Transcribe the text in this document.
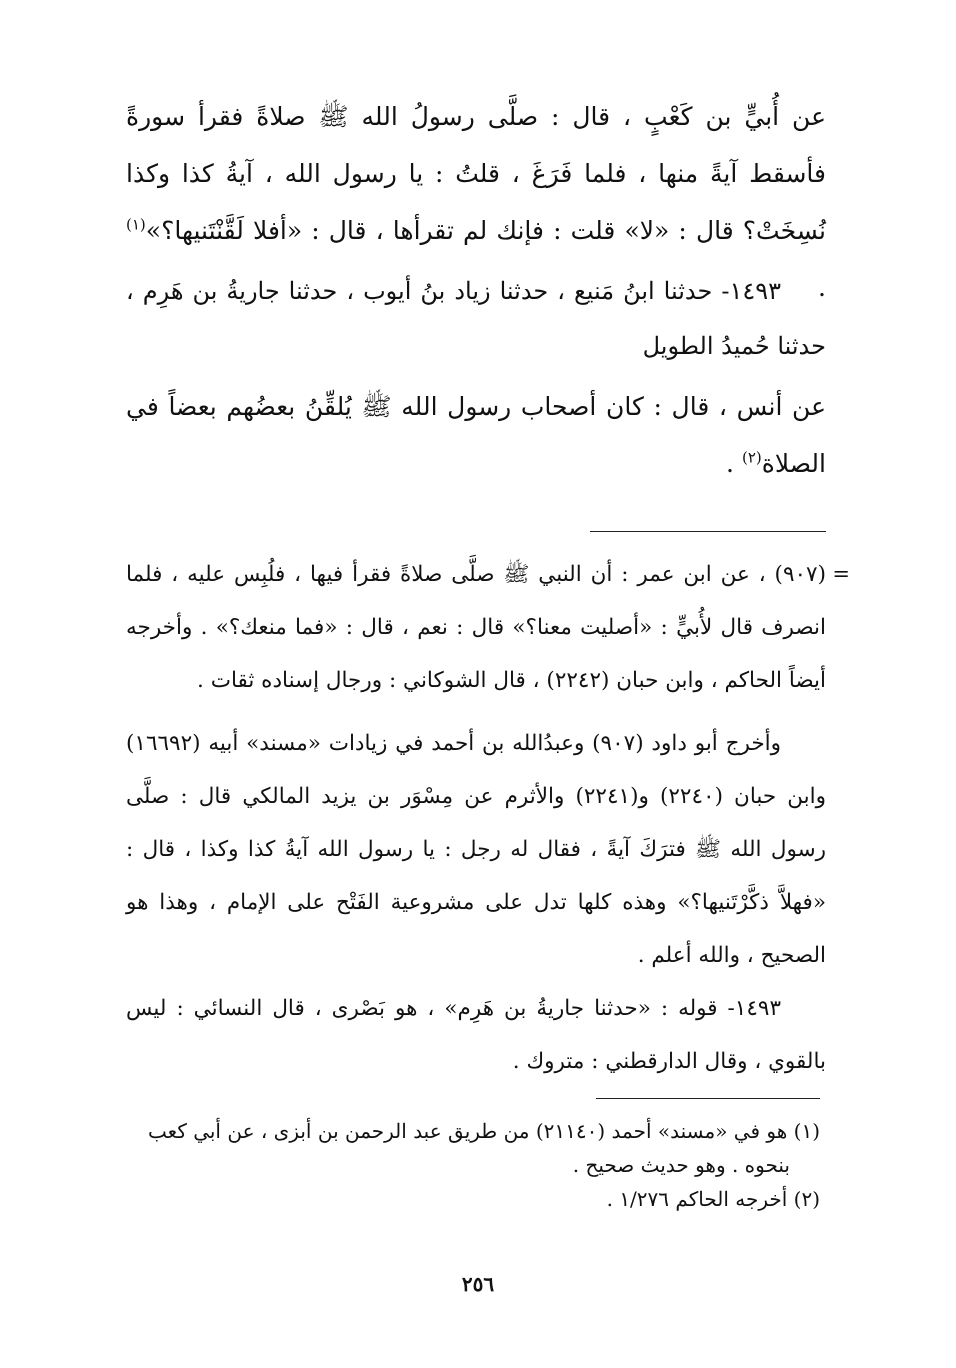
عن أُبيٍّ بن كَعْبٍ ، قال : صلَّى رسولُ الله ﷺ صلاةً فقرأ سورةً فأسقط آيةً منها ، فلما فَرَغَ ، قلتُ : يا رسول الله ، آيةُ كذا وكذا نُسِخَتْ؟ قال : «لا» قلت : فإنك لم تقرأها ، قال : «أفلا لَقَّنْتَنيها؟»$^{(١)}$ .

١٤٩٣- حدثنا ابنُ مَنيع ، حدثنا زياد بنُ أيوب ، حدثنا جاريةُ بن هَرِم ، حدثنا حُميدُ الطويل

عن أنس ، قال : كان أصحاب رسول الله ﷺ يُلقِّنُ بعضُهم بعضاً في الصلاة$^{(٢)}$ .

=

(٩٠٧) ، عن ابن عمر : أن النبي ﷺ صلَّى صلاةً فقرأ فيها ، فلُبِس عليه ، فلما انصرف قال لأُبيٍّ : «أصليت معنا؟» قال : نعم ، قال : «فما منعك؟» . وأخرجه أيضاً الحاكم ، وابن حبان (٢٢٤٢) ، قال الشوكاني : ورجال إسناده ثقات .

وأخرج أبو داود (٩٠٧) وعبدُالله بن أحمد في زيادات «مسند» أبيه (١٦٦٩٢) وابن حبان (٢٢٤٠) و(٢٢٤١) والأثرم عن مِسْوَر بن يزيد المالكي قال : صلَّى رسول الله ﷺ فترَكَ آيةً ، فقال له رجل : يا رسول الله آيةُ كذا وكذا ، قال : «فهلاَّ ذكَّرْتَنيها؟» وهذه كلها تدل على مشروعية الفَتْح على الإمام ، وهذا هو الصحيح ، والله أعلم .

١٤٩٣- قوله : «حدثنا جاريةُ بن هَرِم» ، هو بَصْرى ، قال النسائي : ليس بالقوي ، وقال الدارقطني : متروك .

(١) هو في «مسند» أحمد (٢١١٤٠) من طريق عبد الرحمن بن أبزى ، عن أبي كعب

بنحوه . وهو حديث صحيح .

(٢) أخرجه الحاكم ١/٢٧٦ .

٢٥٦
